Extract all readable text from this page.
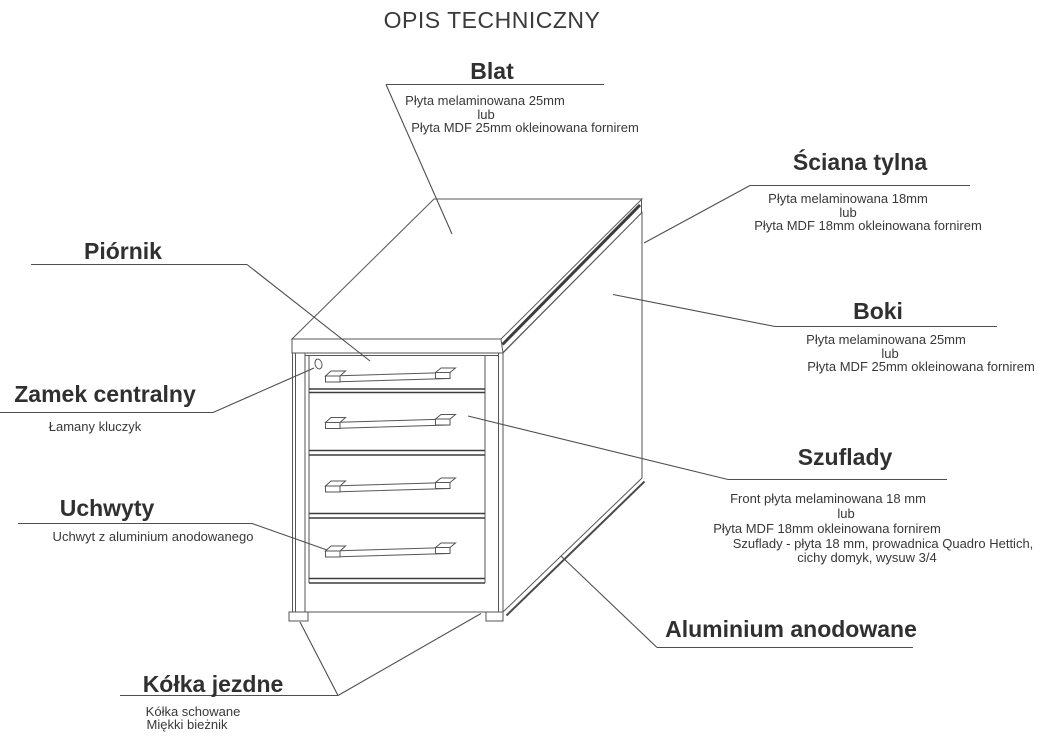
OPIS TECHNICZNY
Blat
Płyta melaminowana 25mm
lub
Płyta MDF 25mm okleinowana fornirem
Ściana tylna
Płyta melaminowana 18mm
lub
Płyta MDF 18mm okleinowana fornirem
Boki
Płyta melaminowana 25mm
lub
Płyta MDF 25mm okleinowana fornirem
Szuflady
Front płyta melaminowana 18 mm
lub
Płyta MDF 18mm okleinowana fornirem
Szuflady - płyta 18 mm, prowadnica Quadro Hettich,
cichy domyk, wysuw 3/4
Piórnik
Zamek centralny
Łamany kluczyk
Uchwyty
Uchwyt z aluminium anodowanego
Aluminium anodowane
Kółka jezdne
Kółka schowane
Miękki bieżnik
